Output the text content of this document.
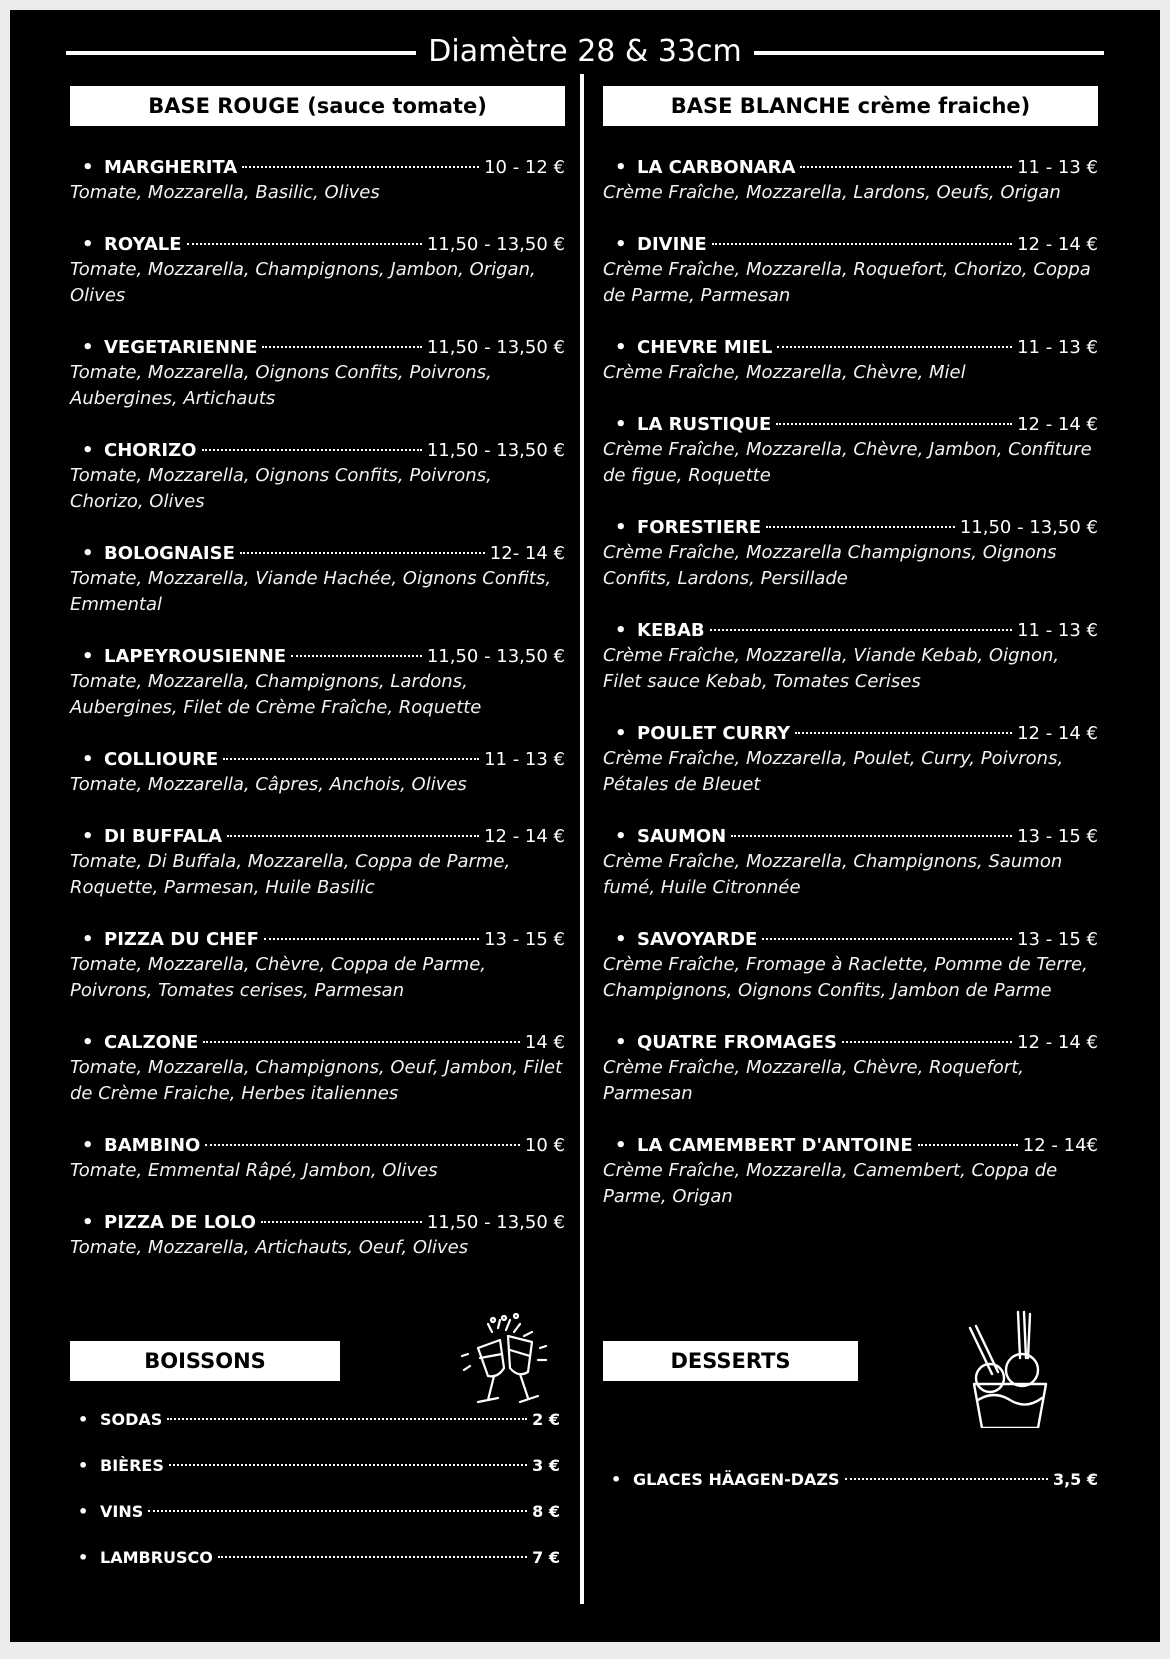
Diamètre 28 & 33cm
BASE ROUGE (sauce tomate)
• MARGHERITA	10 - 12 €
Tomate, Mozzarella, Basilic, Olives
• ROYALE	11,50 - 13,50 €
Tomate, Mozzarella, Champignons, Jambon, Origan, Olives
• VEGETARIENNE	11,50 - 13,50 €
Tomate, Mozzarella, Oignons Confits, Poivrons, Aubergines, Artichauts
• CHORIZO	11,50 - 13,50 €
Tomate, Mozzarella, Oignons Confits, Poivrons, Chorizo, Olives
• BOLOGNAISE	12- 14 €
Tomate, Mozzarella, Viande Hachée, Oignons Confits, Emmental
• LAPEYROUSIENNE	11,50 - 13,50 €
Tomate, Mozzarella, Champignons, Lardons, Aubergines, Filet de Crème Fraîche, Roquette
• COLLIOURE	11 - 13 €
Tomate, Mozzarella, Câpres, Anchois, Olives
• DI BUFFALA	12 - 14 €
Tomate, Di Buffala, Mozzarella, Coppa de Parme, Roquette, Parmesan, Huile Basilic
• PIZZA DU CHEF	13 - 15 €
Tomate, Mozzarella, Chèvre, Coppa de Parme, Poivrons, Tomates cerises, Parmesan
• CALZONE	14 €
Tomate, Mozzarella, Champignons, Oeuf, Jambon, Filet de Crème Fraiche, Herbes italiennes
• BAMBINO	10 €
Tomate, Emmental Râpé, Jambon, Olives
• PIZZA DE LOLO	11,50 - 13,50 €
Tomate, Mozzarella, Artichauts, Oeuf, Olives
BASE BLANCHE crème fraiche)
• LA CARBONARA	11 - 13 €
Crème Fraîche, Mozzarella, Lardons, Oeufs, Origan
• DIVINE	12 - 14 €
Crème Fraîche, Mozzarella, Roquefort, Chorizo, Coppa de Parme, Parmesan
• CHEVRE MIEL	11 - 13 €
Crème Fraîche, Mozzarella, Chèvre, Miel
• LA RUSTIQUE	12 - 14 €
Crème Fraîche, Mozzarella, Chèvre, Jambon, Confiture de figue, Roquette
• FORESTIERE	11,50 - 13,50 €
Crème Fraîche, Mozzarella Champignons, Oignons Confits, Lardons, Persillade
• KEBAB	11 - 13 €
Crème Fraîche, Mozzarella, Viande Kebab, Oignon, Filet sauce Kebab, Tomates Cerises
• POULET CURRY	12 - 14 €
Crème Fraîche, Mozzarella, Poulet, Curry, Poivrons, Pétales de Bleuet
• SAUMON	13 - 15 €
Crème Fraîche, Mozzarella, Champignons, Saumon fumé, Huile Citronnée
• SAVOYARDE	13 - 15 €
Crème Fraîche, Fromage à Raclette, Pomme de Terre, Champignons, Oignons Confits, Jambon de Parme
• QUATRE FROMAGES	12 - 14 €
Crème Fraîche, Mozzarella, Chèvre, Roquefort, Parmesan
• LA CAMEMBERT D'ANTOINE	12 - 14€
Crème Fraîche, Mozzarella, Camembert, Coppa de Parme, Origan
BOISSONS
• SODAS	2 €
• BIÈRES	3 €
• VINS	8 €
• LAMBRUSCO	7 €
DESSERTS
• GLACES HÄAGEN-DAZS	3,5 €
